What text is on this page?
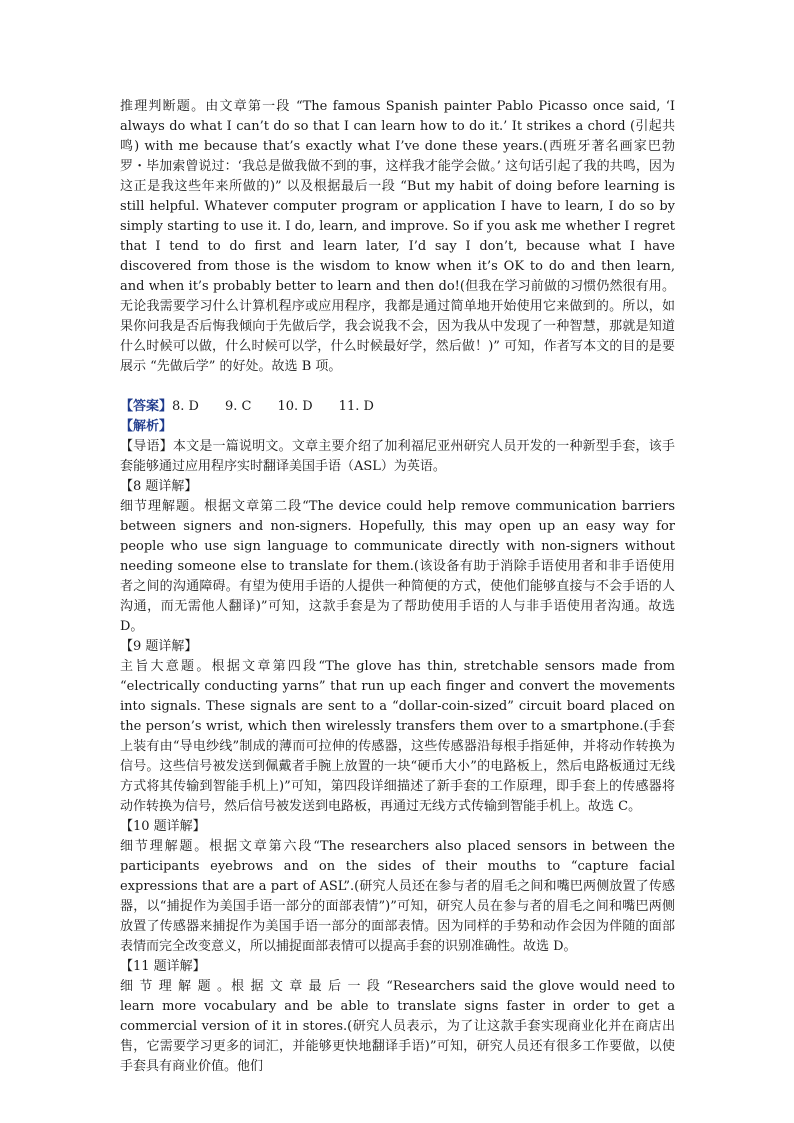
推理判断题。由文章第一段 “The famous Spanish painter Pablo Picasso once said, ‘I always do what I can’t do so that I can learn how to do it.’ It strikes a chord (引起共鸣) with me because that’s exactly what I’ve done these years.(西班牙著名画家巴勃罗・毕加索曾说过：‘我总是做我做不到的事，这样我才能学会做。’ 这句话引起了我的共鸣，因为这正是我这些年来所做的)” 以及根据最后一段 “But my habit of doing before learning is still helpful. Whatever computer program or application I have to learn, I do so by simply starting to use it. I do, learn, and improve. So if you ask me whether I regret that I tend to do first and learn later, I’d say I don’t, because what I have discovered from those is the wisdom to know when it’s OK to do and then learn, and when it’s probably better to learn and then do!(但我在学习前做的习惯仍然很有用。无论我需要学习什么计算机程序或应用程序，我都是通过简单地开始使用它来做到的。所以，如果你问我是否后悔我倾向于先做后学，我会说我不会，因为我从中发现了一种智慧，那就是知道什么时候可以做，什么时候可以学，什么时候最好学，然后做！)” 可知，作者写本文的目的是要展示 “先做后学” 的好处。故选 B 项。

【答案】8. D　　9. C　　10. D　　11. D

【解析】

【导语】本文是一篇说明文。文章主要介绍了加利福尼亚州研究人员开发的一种新型手套，该手套能够通过应用程序实时翻译美国手语（ASL）为英语。

【8 题详解】

细节理解题。根据文章第二段“The device could help remove communication barriers between signers and non-signers. Hopefully, this may open up an easy way for people who use sign language to communicate directly with non-signers without needing someone else to translate for them.(该设备有助于消除手语使用者和非手语使用者之间的沟通障碍。有望为使用手语的人提供一种简便的方式，使他们能够直接与不会手语的人沟通，而无需他人翻译)”可知，这款手套是为了帮助使用手语的人与非手语使用者沟通。故选 D。

【9 题详解】

主旨大意题。根据文章第四段“The glove has thin, stretchable sensors made from “electrically conducting yarns” that run up each finger and convert the movements into signals. These signals are sent to a “dollar-coin-sized” circuit board placed on the person’s wrist, which then wirelessly transfers them over to a smartphone.(手套上装有由“导电纱线”制成的薄而可拉伸的传感器，这些传感器沿每根手指延伸，并将动作转换为信号。这些信号被发送到佩戴者手腕上放置的一块“硬币大小”的电路板上，然后电路板通过无线方式将其传输到智能手机上)”可知，第四段详细描述了新手套的工作原理，即手套上的传感器将动作转换为信号，然后信号被发送到电路板，再通过无线方式传输到智能手机上。故选 C。

【10 题详解】

细节理解题。根据文章第六段“The researchers also placed sensors in between the participants eyebrows and on the sides of their mouths to “capture facial expressions that are a part of ASL”.(研究人员还在参与者的眉毛之间和嘴巴两侧放置了传感器，以“捕捉作为美国手语一部分的面部表情”)”可知，研究人员在参与者的眉毛之间和嘴巴两侧放置了传感器来捕捉作为美国手语一部分的面部表情。因为同样的手势和动作会因为伴随的面部表情而完全改变意义，所以捕捉面部表情可以提高手套的识别准确性。故选 D。

【11 题详解】

细 节 理 解 题 。根 据 文 章 最 后 一 段 “Researchers said the glove would need to learn more vocabulary and be able to translate signs faster in order to get a commercial version of it in stores.(研究人员表示，为了让这款手套实现商业化并在商店出售，它需要学习更多的词汇，并能够更快地翻译手语)”可知，研究人员还有很多工作要做，以使手套具有商业价值。他们
